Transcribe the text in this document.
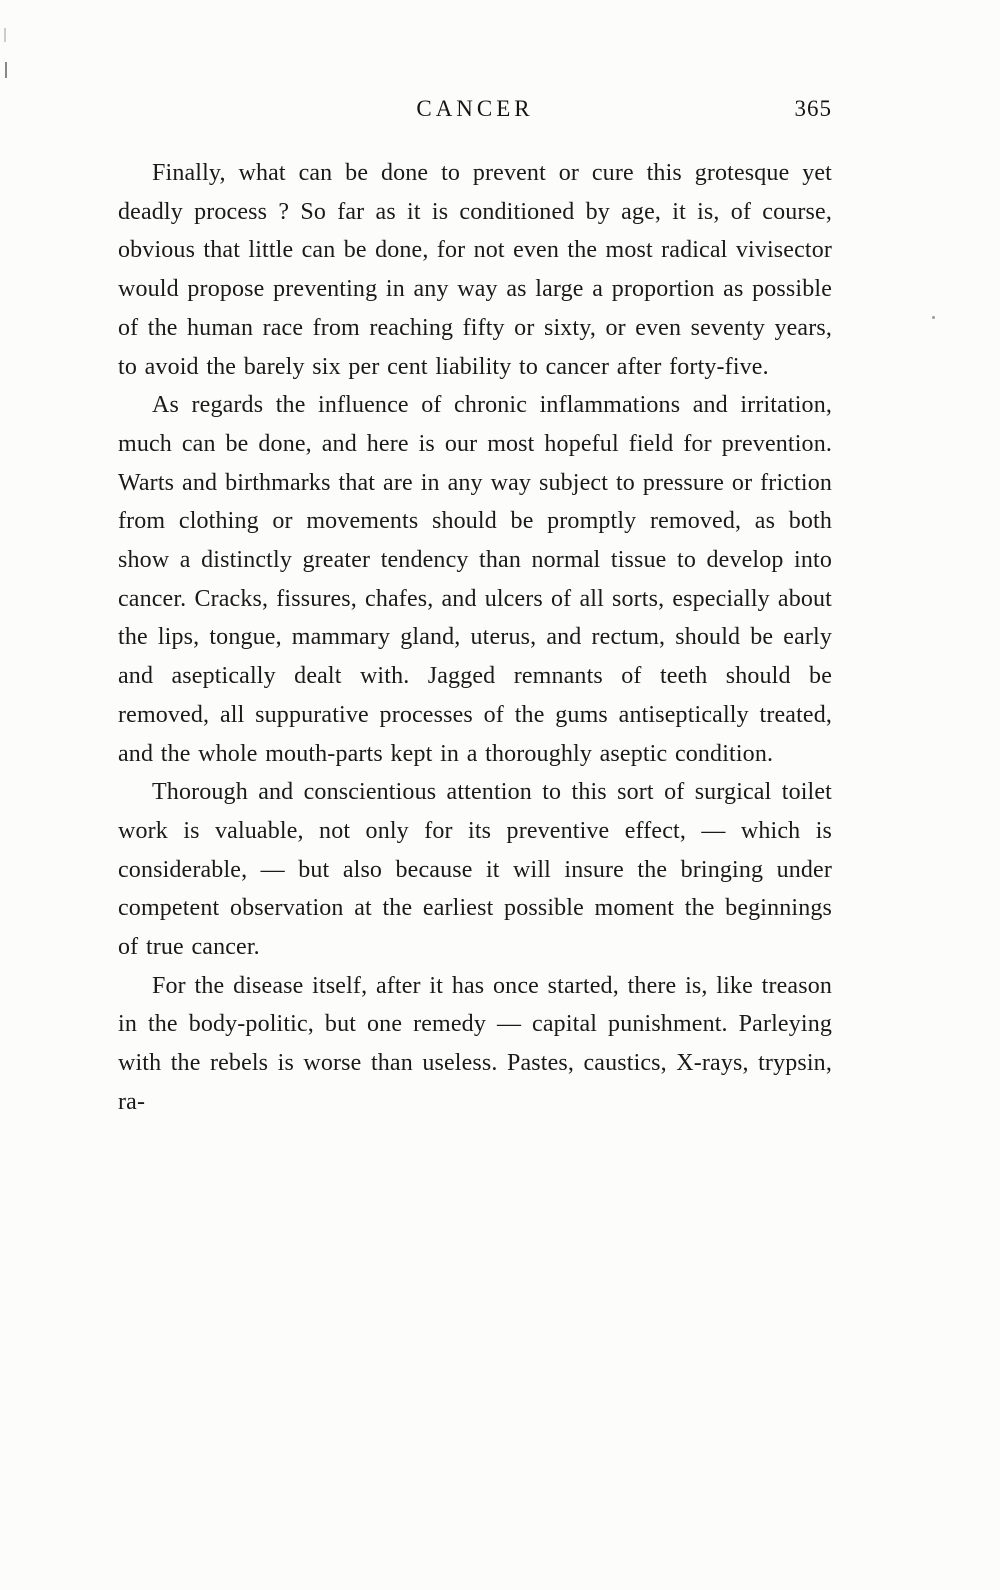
CANCER	365

Finally, what can be done to prevent or cure this grotesque yet deadly process ? So far as it is conditioned by age, it is, of course, obvious that little can be done, for not even the most radical vivisector would propose preventing in any way as large a proportion as possible of the human race from reaching fifty or sixty, or even seventy years, to avoid the barely six per cent liability to cancer after forty-five.

As regards the influence of chronic inflammations and irritation, much can be done, and here is our most hopeful field for prevention. Warts and birthmarks that are in any way subject to pressure or friction from clothing or movements should be promptly removed, as both show a distinctly greater tendency than normal tissue to develop into cancer. Cracks, fissures, chafes, and ulcers of all sorts, especially about the lips, tongue, mammary gland, uterus, and rectum, should be early and aseptically dealt with. Jagged remnants of teeth should be removed, all suppurative processes of the gums antiseptically treated, and the whole mouth-parts kept in a thoroughly aseptic condition.

Thorough and conscientious attention to this sort of surgical toilet work is valuable, not only for its preventive effect, — which is considerable, — but also because it will insure the bringing under competent observation at the earliest possible moment the beginnings of true cancer.

For the disease itself, after it has once started, there is, like treason in the body-politic, but one remedy — capital punishment. Parleying with the rebels is worse than useless. Pastes, caustics, X-rays, trypsin, ra-
